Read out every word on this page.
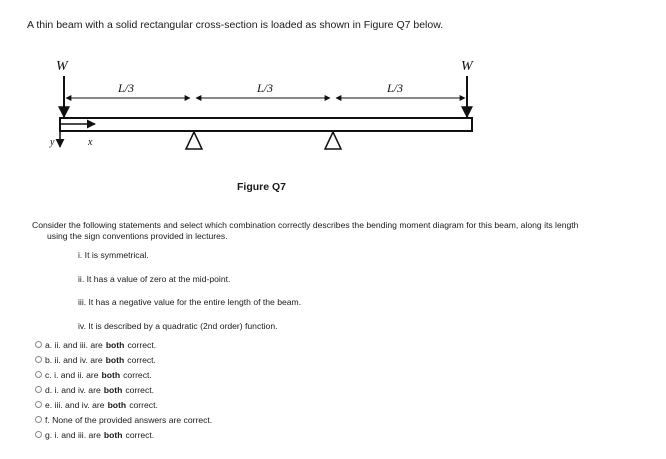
A thin beam with a solid rectangular cross-section is loaded as shown in Figure Q7 below.
W	W
L/3	L/3	L/3
y	x
Figure Q7
Consider the following statements and select which combination correctly describes the bending moment diagram for this beam, along its length
using the sign conventions provided in lectures.
i. It is symmetrical.
ii. It has a value of zero at the mid-point.
iii. It has a negative value for the entire length of the beam.
iv. It is described by a quadratic (2nd order) function.
a. ii. and iii. are both correct.
b. ii. and iv. are both correct.
c. i. and ii. are both correct.
d. i. and iv. are both correct.
e. iii. and iv. are both correct.
f. None of the provided answers are correct.
g. i. and iii. are both correct.
